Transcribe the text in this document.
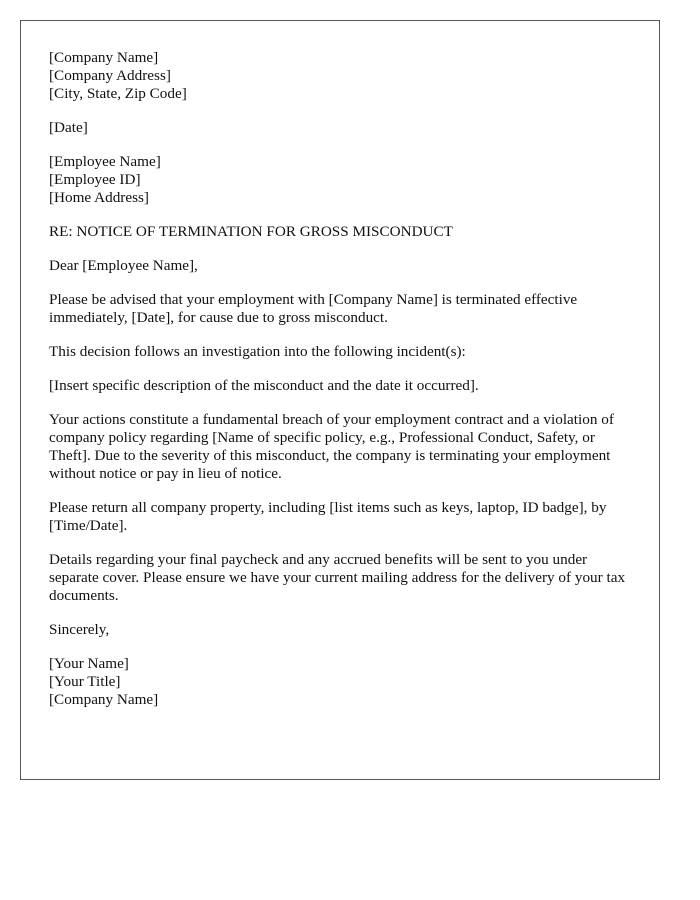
[Company Name]
[Company Address]
[City, State, Zip Code]
[Date]
[Employee Name]
[Employee ID]
[Home Address]
RE: NOTICE OF TERMINATION FOR GROSS MISCONDUCT
Dear [Employee Name],

Please be advised that your employment with [Company Name] is terminated effective immediately, [Date], for cause due to gross misconduct.

This decision follows an investigation into the following incident(s):

[Insert specific description of the misconduct and the date it occurred].

Your actions constitute a fundamental breach of your employment contract and a violation of company policy regarding [Name of specific policy, e.g., Professional Conduct, Safety, or Theft]. Due to the severity of this misconduct, the company is terminating your employment without notice or pay in lieu of notice.

Please return all company property, including [list items such as keys, laptop, ID badge], by [Time/Date].

Details regarding your final paycheck and any accrued benefits will be sent to you under separate cover. Please ensure we have your current mailing address for the delivery of your tax documents.

Sincerely,
[Your Name]
[Your Title]
[Company Name]
